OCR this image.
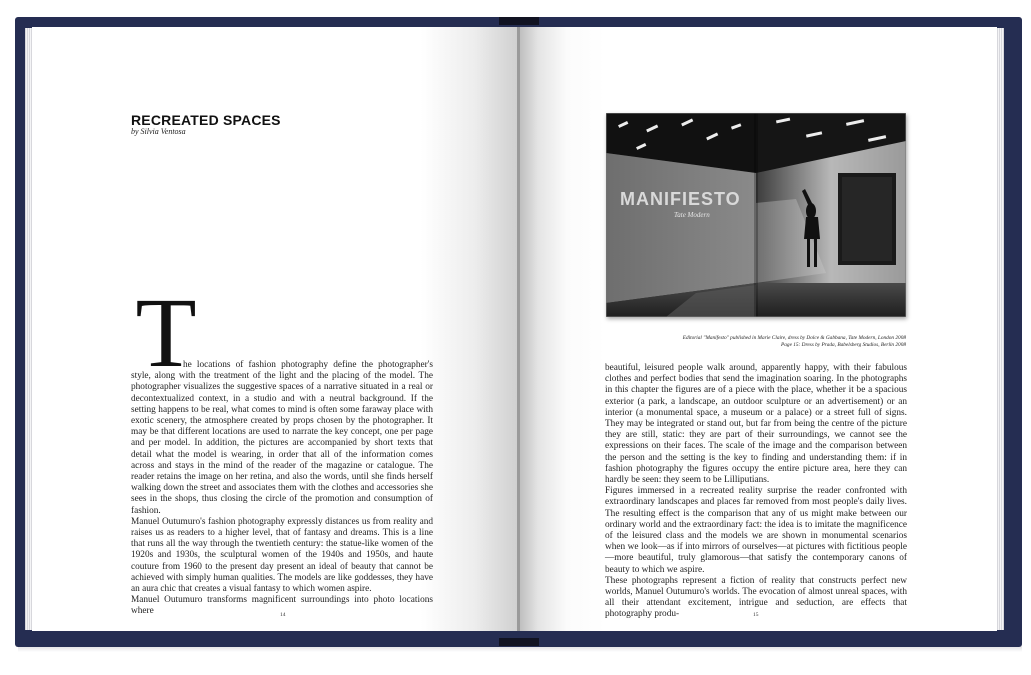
RECREATED SPACES
by Silvia Ventosa
T

he locations of fashion photography define the photographer's style, along with the treatment of the light and the placing of the model. The photographer visualizes the suggestive spaces of a narrative situated in a real or decontextualized context, in a studio and with a neutral background. If the setting happens to be real, what comes to mind is often some faraway place with exotic scenery, the atmosphere created by props chosen by the photographer. It may be that different locations are used to narrate the key concept, one per page and per model. In addition, the pictures are accompanied by short texts that detail what the model is wearing, in order that all of the information comes across and stays in the mind of the reader of the magazine or catalogue. The reader retains the image on her retina, and also the words, until she finds herself walking down the street and associates them with the clothes and accessories she sees in the shops, thus closing the circle of the promotion and consumption of fashion.

Manuel Outumuro's fashion photography expressly distances us from reality and raises us as readers to a higher level, that of fantasy and dreams. This is a line that runs all the way through the twentieth century: the statue-like women of the 1920s and 1930s, the sculptural women of the 1940s and 1950s, and haute couture from 1960 to the present day present an ideal of beauty that cannot be achieved with simply human qualities. The models are like goddesses, they have an aura chic that creates a visual fantasy to which women aspire.

Manuel Outumuro transforms magnificent surroundings into photo locations where	14
MANIFIESTO
Tate Modern

Editorial "Manifesto" published in Marie Claire, dress by Dolce & Gabbana, Tate Modern, London 2008

Page 15: Dress by Prada, Babelsberg Studios, Berlin 2008

beautiful, leisured people walk around, apparently happy, with their fabulous clothes and perfect bodies that send the imagination soaring. In the photographs in this chapter the figures are of a piece with the place, whether it be a spacious exterior (a park, a landscape, an outdoor sculpture or an advertisement) or an interior (a monumental space, a museum or a palace) or a street full of signs. They may be integrated or stand out, but far from being the centre of the picture they are still, static: they are part of their surroundings, we cannot see the expressions on their faces. The scale of the image and the comparison between the person and the setting is the key to finding and understanding them: if in fashion photography the figures occupy the entire picture area, here they can hardly be seen: they seem to be Lilliputians.

Figures immersed in a recreated reality surprise the reader confronted with extraordinary landscapes and places far removed from most people's daily lives. The resulting effect is the comparison that any of us might make between our ordinary world and the extraordinary fact: the idea is to imitate the magnificence of the leisured class and the models we are shown in monumental scenarios when we look—as if into mirrors of ourselves—at pictures with fictitious people—more beautiful, truly glamorous—that satisfy the contemporary canons of beauty to which we aspire.

These photographs represent a fiction of reality that constructs perfect new worlds, Manuel Outumuro's worlds. The evocation of almost unreal spaces, with all their attendant excitement, intrigue and seduction, are effects that photography produ-	15
